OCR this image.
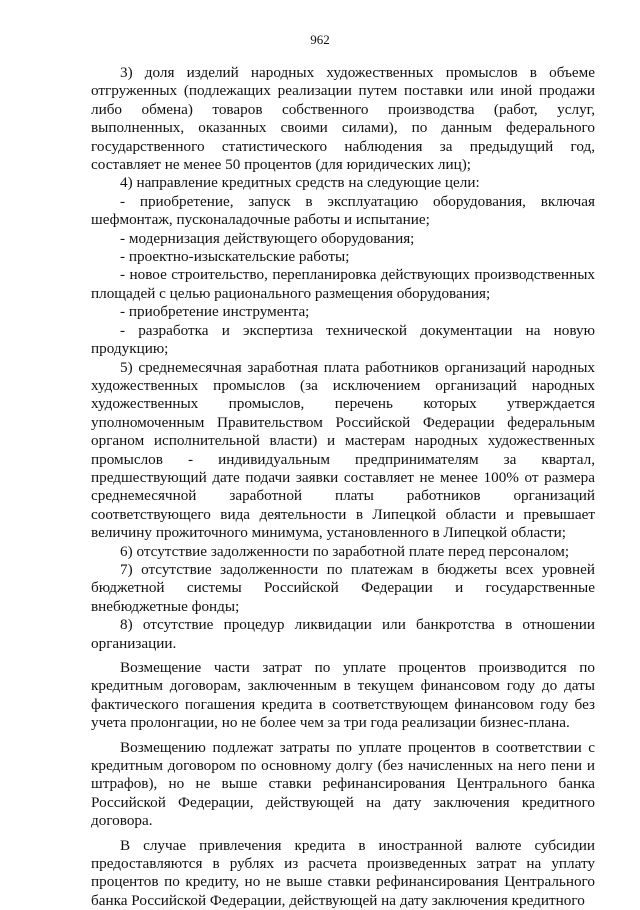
962

3) доля изделий народных художественных промыслов в объеме отгруженных (подлежащих реализации путем поставки или иной продажи либо обмена) товаров собственного производства (работ, услуг, выполненных, оказанных своими силами), по данным федерального государственного статистического наблюдения за предыдущий год, составляет не менее 50 процентов (для юридических лиц);

4) направление кредитных средств на следующие цели:

- приобретение, запуск в эксплуатацию оборудования, включая шефмонтаж, пусконаладочные работы и испытание;

- модернизация действующего оборудования;

- проектно-изыскательские работы;

- новое строительство, перепланировка действующих производственных площадей с целью рационального размещения оборудования;

- приобретение инструмента;

- разработка и экспертиза технической документации на новую продукцию;

5) среднемесячная заработная плата работников организаций народных художественных промыслов (за исключением организаций народных художественных промыслов, перечень которых утверждается уполномоченным Правительством Российской Федерации федеральным органом исполнительной власти) и мастерам народных художественных промыслов - индивидуальным предпринимателям за квартал, предшествующий дате подачи заявки составляет не менее 100% от размера среднемесячной заработной платы работников организаций соответствующего вида деятельности в Липецкой области и превышает величину прожиточного минимума, установленного в Липецкой области;

6) отсутствие задолженности по заработной плате перед персоналом;

7) отсутствие задолженности по платежам в бюджеты всех уровней бюджетной системы Российской Федерации и государственные внебюджетные фонды;

8) отсутствие процедур ликвидации или банкротства в отношении организации.

Возмещение части затрат по уплате процентов производится по кредитным договорам, заключенным в текущем финансовом году до даты фактического погашения кредита в соответствующем финансовом году без учета пролонгации, но не более чем за три года реализации бизнес-плана.

Возмещению подлежат затраты по уплате процентов в соответствии с кредитным договором по основному долгу (без начисленных на него пени и штрафов), но не выше ставки рефинансирования Центрального банка Российской Федерации, действующей на дату заключения кредитного договора.

В случае привлечения кредита в иностранной валюте субсидии предоставляются в рублях из расчета произведенных затрат на уплату процентов по кредиту, но не выше ставки рефинансирования Центрального банка Российской Федерации, действующей на дату заключения кредитного
